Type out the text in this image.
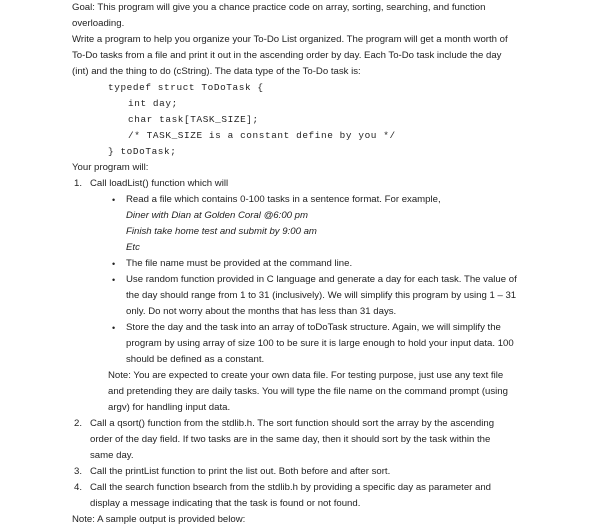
Goal: This program will give you a chance practice code on array, sorting, searching, and function
overloading.
Write a program to help you organize your To-Do List organized. The program will get a month worth of
To-Do tasks from a file and print it out in the ascending order by day. Each To-Do task include the day
(int) and the thing to do (cString). The data type of the To-Do task is:
typedef struct ToDoTask {
int day;
char task[TASK_SIZE];
/* TASK_SIZE is a constant define by you */
} toDoTask;
Your program will:
1. Call loadList() function which will
• Read a file which contains 0-100 tasks in a sentence format. For example,
Diner with Dian at Golden Coral @6:00 pm
Finish take home test and submit by 9:00 am
Etc
• The file name must be provided at the command line.
• Use random function provided in C language and generate a day for each task. The value of
the day should range from 1 to 31 (inclusively). We will simplify this program by using 1 – 31
only. Do not worry about the months that has less than 31 days.
• Store the day and the task into an array of toDoTask structure. Again, we will simplify the
program by using array of size 100 to be sure it is large enough to hold your input data. 100
should be defined as a constant.
Note: You are expected to create your own data file. For testing purpose, just use any text file
and pretending they are daily tasks. You will type the file name on the command prompt (using
argv) for handling input data.
2. Call a qsort() function from the stdlib.h. The sort function should sort the array by the ascending
order of the day field. If two tasks are in the same day, then it should sort by the task within the
same day.
3. Call the printList function to print the list out. Both before and after sort.
4. Call the search function bsearch from the stdlib.h by providing a specific day as parameter and
display a message indicating that the task is found or not found.
Note: A sample output is provided below:
